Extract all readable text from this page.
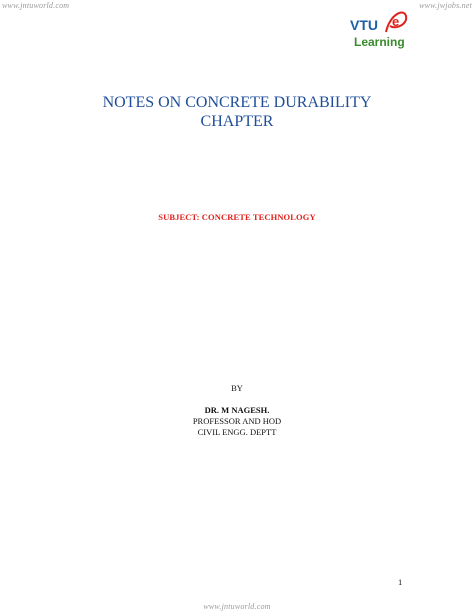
www.jntuworld.com	www.jwjobs.net
VTU e
Learning
NOTES ON CONCRETE DURABILITY
CHAPTER
SUBJECT: CONCRETE TECHNOLOGY
BY
DR. M NAGESH.
PROFESSOR AND HOD
CIVIL ENGG. DEPTT
1
www.jntuworld.com
